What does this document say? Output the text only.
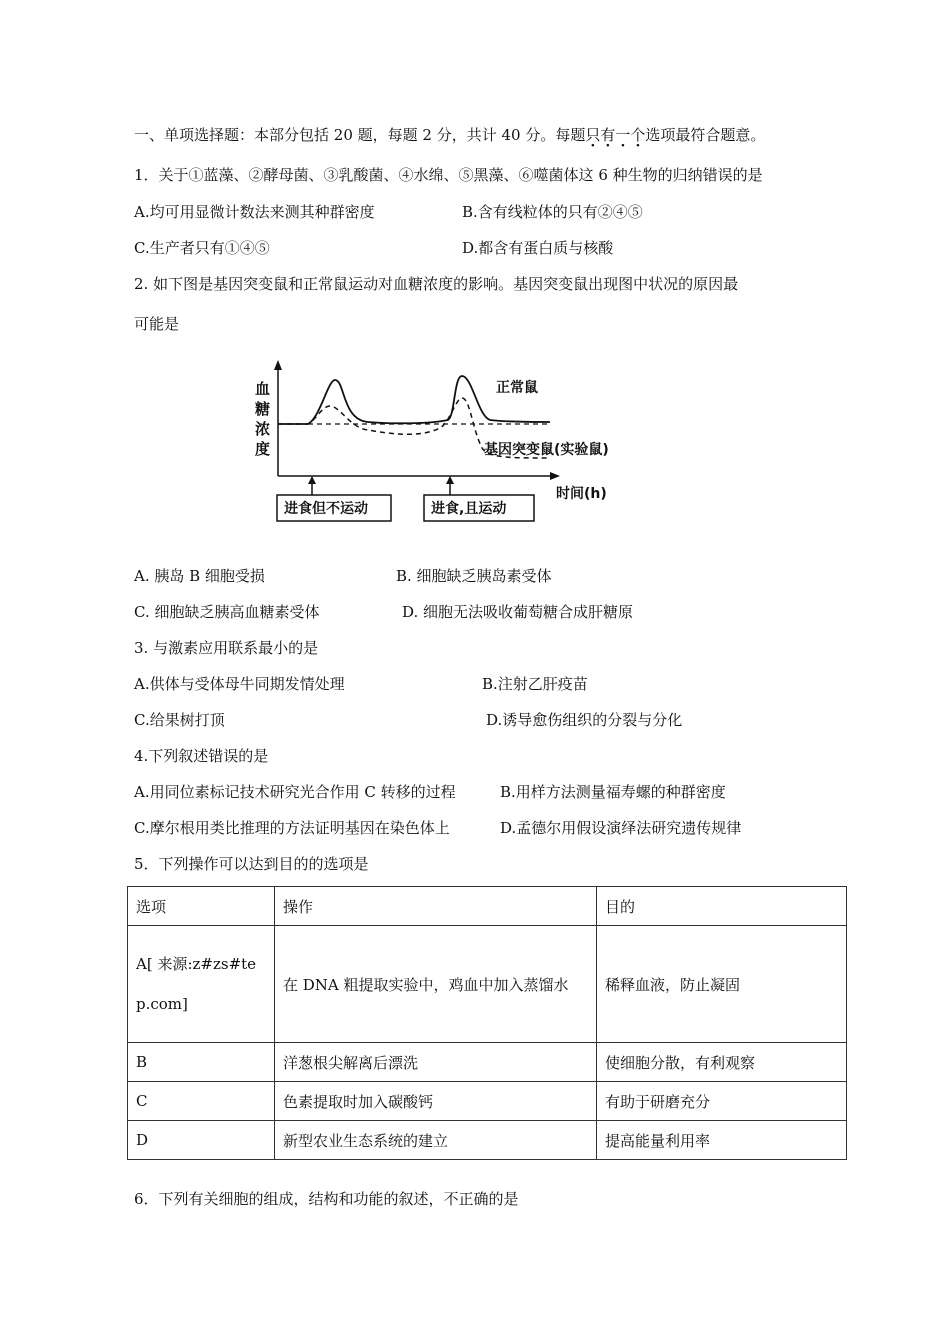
一、单项选择题：本部分包括 20 题，每题 2 分，共计 40 分。每题只有一个选项最符合题意。
1．关于①蓝藻、②酵母菌、③乳酸菌、④水绵、⑤黑藻、⑥噬菌体这 6 种生物的归纳错误的是
A.均可用显微计数法来测其种群密度	B.含有线粒体的只有②④⑤
C.生产者只有①④⑤	D.都含有蛋白质与核酸
2. 如下图是基因突变鼠和正常鼠运动对血糖浓度的影响。基因突变鼠出现图中状况的原因最
可能是
血
糖
浓
度
正常鼠
基因突变鼠(实验鼠)
时间(h)
进食但不运动	进食,且运动
A. 胰岛 B 细胞受损	B. 细胞缺乏胰岛素受体
C. 细胞缺乏胰高血糖素受体	D. 细胞无法吸收葡萄糖合成肝糖原
3. 与激素应用联系最小的是
A.供体与受体母牛同期发情处理	B.注射乙肝疫苗
C.给果树打顶	D.诱导愈伤组织的分裂与分化
4.下列叙述错误的是
A.用同位素标记技术研究光合作用 C 转移的过程	B.用样方法测量福寿螺的种群密度
C.摩尔根用类比推理的方法证明基因在染色体上	D.孟德尔用假设演绎法研究遗传规律
5．下列操作可以达到目的的选项是
选项	操作	目的
A[ 来源:z#zs#tep.com]	在 DNA 粗提取实验中，鸡血中加入蒸馏水	稀释血液，防止凝固
B	洋葱根尖解离后漂洗	使细胞分散，有利观察
C	色素提取时加入碳酸钙	有助于研磨充分
D	新型农业生态系统的建立	提高能量利用率
6．下列有关细胞的组成，结构和功能的叙述，不正确的是
